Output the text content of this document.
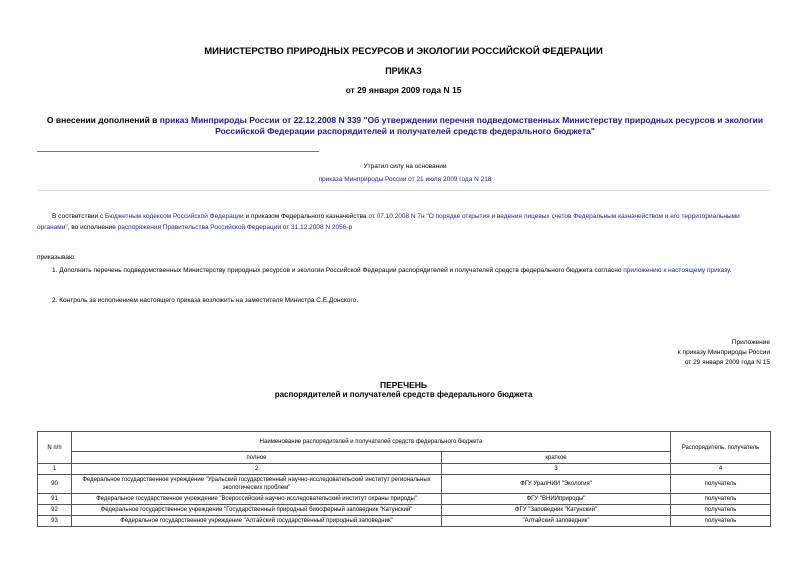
МИНИСТЕРСТВО ПРИРОДНЫХ РЕСУРСОВ И ЭКОЛОГИИ РОССИЙСКОЙ ФЕДЕРАЦИИ
ПРИКАЗ
от 29 января 2009 года N 15
О внесении дополнений в приказ Минприроды России от 22.12.2008 N 339 "Об утверждении перечня подведомственных Министерству природных ресурсов и экологии Российской Федерации распорядителей и получателей средств федерального бюджета"
Утратил силу на основании
приказа Минприроды России от 21 июля 2009 года N 218
В соответствии с Бюджетным кодексом Российской Федерации и приказом Федерального казначейства от 07.10.2008 N 7н "О порядке открытия и ведения лицевых счетов Федеральным казначейством и его территориальными органами", во исполнение распоряжения Правительства Российской Федерации от 31.12.2008 N 2056-р
приказываю:
1. Дополнить перечень подведомственных Министерству природных ресурсов и экологии Российской Федерации распорядителей и получателей средств федерального бюджета согласно приложению к настоящему приказу.
2. Контроль за исполнением настоящего приказа возложить на заместителя Министра С.Е.Донского.
Приложение
к приказу Минприроды России
от 29 января 2009 года N 15
ПЕРЕЧЕНЬ
распорядителей и получателей средств федерального бюджета
N п/п	Наименование распорядителей и получателей средств федерального бюджета		Распорядитель, получатель
	полное	краткое	
1	2	3	4
90	Федеральное государственное учреждение "Уральский государственный научно-исследовательский институт региональных экологических проблем"	ФГУ УралНИИ "Экология"	получатель
91	Федеральное государственное учреждение "Всероссийский научно-исследовательский институт охраны природы"	ФГУ "ВНИИприроды"	получатель
92	Федеральное государственное учреждение "Государственный природный биосферный заповедник "Катунский"	ФГУ "Заповедник "Катунский"	получатель
93	Федеральное государственное учреждение "Алтайский государственный природный заповедник"	"Алтайский заповедник"	получатель
